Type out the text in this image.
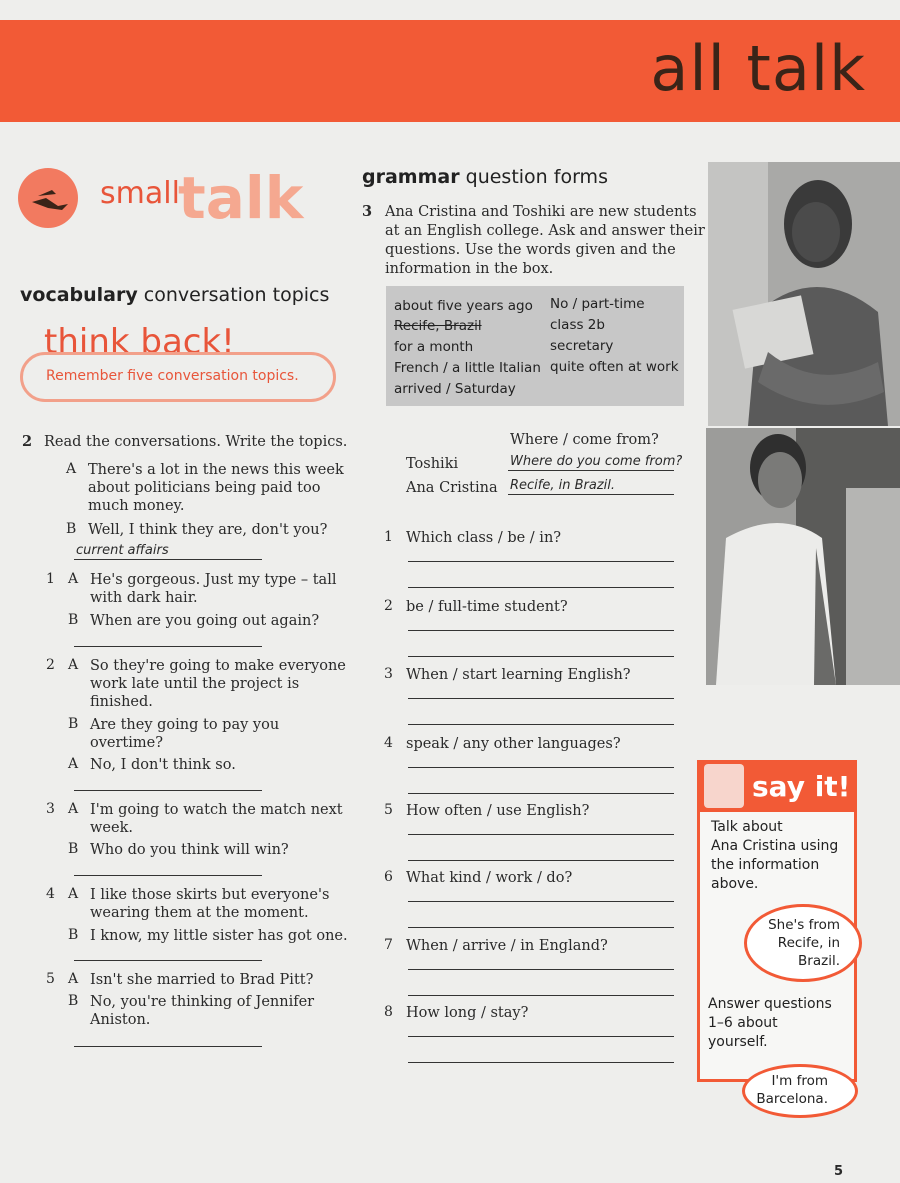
all talk
small
talk
vocabulary conversation topics
think back!
Remember five conversation topics.
2 Read the conversations. Write the topics.
A There's a lot in the news this week
about politicians being paid too
much money.
B Well, I think they are, don't you?
current affairs
1 A He's gorgeous. Just my type – tall
with dark hair.
B When are you going out again?
2 A So they're going to make everyone
work late until the project is
finished.
B Are they going to pay you
overtime?
A No, I don't think so.
3 A I'm going to watch the match next
week.
B Who do you think will win?
4 A I like those skirts but everyone's
wearing them at the moment.
B I know, my little sister has got one.
5 A Isn't she married to Brad Pitt?
B No, you're thinking of Jennifer
Aniston.
grammar question forms
3 Ana Cristina and Toshiki are new students
at an English college. Ask and answer their
questions. Use the words given and the
information in the box.
about five years ago
Recife, Brazil
for a month
French / a little Italian
arrived / Saturday
No / part-time
class 2b
secretary
quite often at work
Where / come from?
Toshiki	Where do you come from?
Ana Cristina Recife, in Brazil.
1 Which class / be / in?
2 be / full-time student?
3 When / start learning English?
4 speak / any other languages?
5 How often / use English?
6 What kind / work / do?
7 When / arrive / in England?
8 How long / stay?
say it!
Talk about
Ana Cristina using
the information
above.
She's from
Recife, in
Brazil.
Answer questions
1–6 about
yourself.
I'm from
Barcelona.
5
